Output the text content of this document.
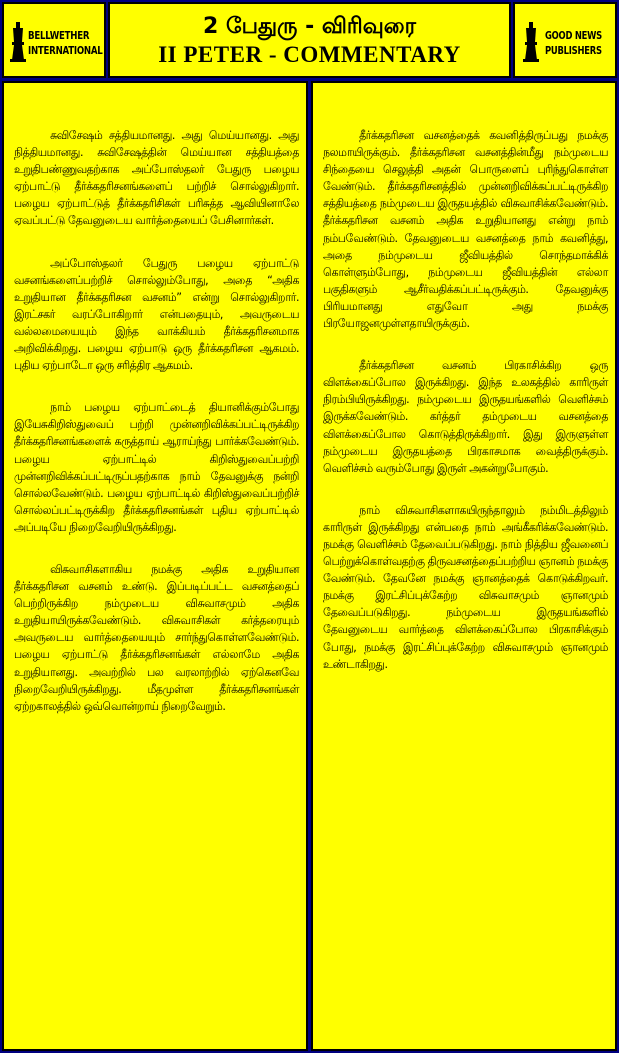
BELLWETHER
INTERNATIONAL
2 பேதுரு - விரிவுரை
II PETER - COMMENTARY
GOOD NEWS
PUBLISHERS

சுவிசேஷம் சத்தியமானது. அது மெய்யானது. அது நித்தியமானது. சுவிசேஷத்தின் மெய்யான சத்தியத்தை உறுதிபண்ணுவதற்காக அப்போஸ்தலர் பேதுரு பழைய ஏற்பாட்டு தீர்க்கதரிசனங்களைப் பற்றிச் சொல்லுகிறார். பழைய ஏற்பாட்டுத் தீர்க்கதரிசிகள் பரிசுத்த ஆவியினாலே ஏவப்பட்டு தேவனுடைய வார்த்தையைப் பேசினார்கள்.

அப்போஸ்தலர் பேதுரு பழைய ஏற்பாட்டு வசனங்களைப்பற்றிச் சொல்லும்போது, அதை “அதிக உறுதியான தீர்க்கதரிசன வசனம்” என்று சொல்லுகிறார். இரட்சகர் வரப்போகிறார் என்பதையும், அவருடைய வல்லமையையும் இந்த வாக்கியம் தீர்க்கதரிசனமாக அறிவிக்கிறது. பழைய ஏற்பாடு ஒரு தீர்க்கதரிசன ஆகமம். புதிய ஏற்பாடோ ஒரு சரித்திர ஆகமம்.

நாம் பழைய ஏற்பாட்டைத் தியானிக்கும்போது இயேசுகிறிஸ்துவைப் பற்றி முன்னறிவிக்கப்பட்டிருக்கிற தீர்க்கதரிசனங்களைக் கருத்தாய் ஆராய்ந்து பார்க்கவேண்டும். பழைய ஏற்பாட்டில் கிறிஸ்துவைப்பற்றி முன்னறிவிக்கப்பட்டிருப்பதற்காக நாம் தேவனுக்கு நன்றி சொல்லவேண்டும். பழைய ஏற்பாட்டில் கிறிஸ்துவைப்பற்றிச் சொல்லப்பட்டிருக்கிற தீர்க்கதரிசனங்கள் புதிய ஏற்பாட்டில் அப்படியே நிறைவேறியிருக்கிறது.

விசுவாசிகளாகிய நமக்கு அதிக உறுதியான தீர்க்கதரிசன வசனம் உண்டு. இப்படிப்பட்ட வசனத்தைப் பெற்றிருக்கிற நம்முடைய விசுவாசமும் அதிக உறுதியாயிருக்கவேண்டும். விசுவாசிகள் கர்த்தரையும் அவருடைய வார்த்தையையும் சார்ந்துகொள்ளவேண்டும். பழைய ஏற்பாட்டு தீர்க்கதரிசனங்கள் எல்லாமே அதிக உறுதியானது. அவற்றில் பல வரலாற்றில் ஏற்கெனவே நிறைவேறியிருக்கிறது. மீதமுள்ள தீர்க்கதரிசனங்கள் ஏற்றகாலத்தில் ஒவ்வொன்றாய் நிறைவேறும்.

தீர்க்கதரிசன வசனத்தைக் கவனித்திருப்பது நமக்கு நலமாயிருக்கும். தீர்க்கதரிசன வசனத்தின்மீது நம்முடைய சிந்தையை செலுத்தி அதன் பொருளைப் புரிந்துகொள்ள வேண்டும். தீர்க்கதரிசனத்தில் முன்னறிவிக்கப்பட்டிருக்கிற சத்தியத்தை நம்முடைய இருதயத்தில் விசுவாசிக்கவேண்டும். தீர்க்கதரிசன வசனம் அதிக உறுதியானது என்று நாம் நம்பவேண்டும். தேவனுடைய வசனத்தை நாம் கவனித்து, அதை நம்முடைய ஜீவியத்தில் சொந்தமாக்கிக் கொள்ளும்போது, நம்முடைய ஜீவியத்தின் எல்லா பகுதிகளும் ஆசீர்வதிக்கப்பட்டிருக்கும். தேவனுக்கு பிரியமானது எதுவோ அது நமக்கு பிரயோஜனமுள்ளதாயிருக்கும்.

தீர்க்கதரிசன வசனம் பிரகாசிக்கிற ஒரு விளக்கைப்போல இருக்கிறது. இந்த உலகத்தில் காரிருள் நிரம்பியிருக்கிறது. நம்முடைய இருதயங்களில் வெளிச்சம் இருக்கவேண்டும். கர்த்தர் தம்முடைய வசனத்தை விளக்கைப்போல கொடுத்திருக்கிறார். இது இருளுள்ள நம்முடைய இருதயத்தை பிரகாசமாக வைத்திருக்கும். வெளிச்சம் வரும்போது இருள் அகன்றுபோகும்.

நாம் விசுவாசிகளாகயிருந்தாலும் நம்மிடத்திலும் காரிருள் இருக்கிறது என்பதை நாம் அங்கீகரிக்கவேண்டும். நமக்கு வெளிச்சம் தேவைப்படுகிறது. நாம் நித்திய ஜீவனைப் பெற்றுக்கொள்வதற்கு திருவசனத்தைப்பற்றிய ஞானம் நமக்கு வேண்டும். தேவனே நமக்கு ஞானத்தைக் கொடுக்கிறவர். நமக்கு இரட்சிப்புக்கேற்ற விசுவாசமும் ஞானமும் தேவைப்படுகிறது. நம்முடைய இருதயங்களில் தேவனுடைய வார்த்தை விளக்கைப்போல பிரகாசிக்கும் போது, நமக்கு இரட்சிப்புக்கேற்ற விசுவாசமும் ஞானமும் உண்டாகிறது.
